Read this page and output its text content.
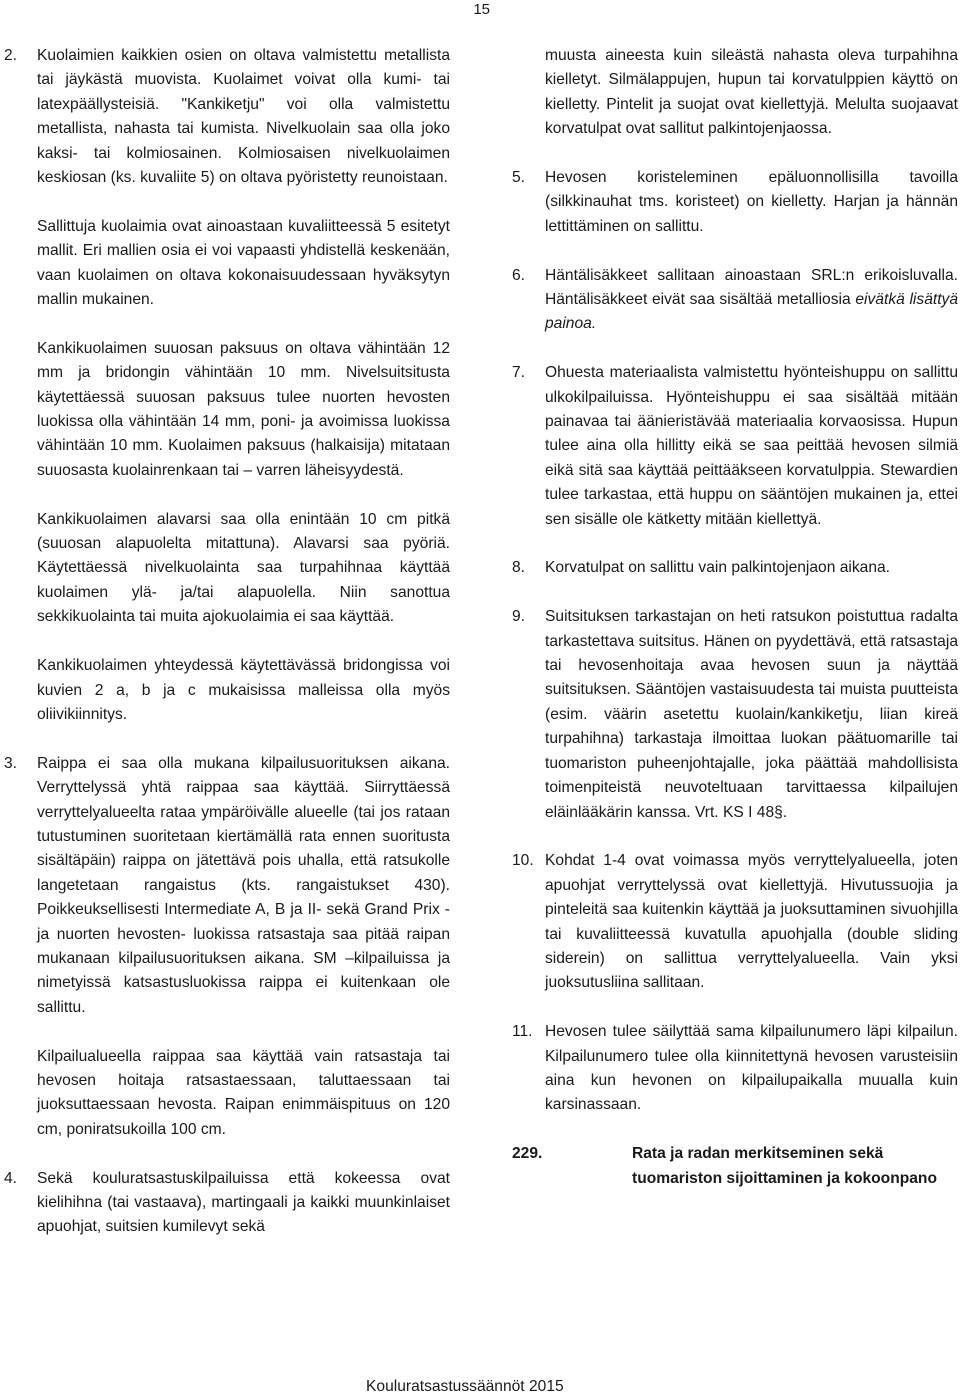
15
2.	Kuolaimien kaikkien osien on oltava valmistettu metallista tai jäykästä muovista. Kuolaimet voivat olla kumi- tai latexpäällysteisiä. "Kankiketju" voi olla valmistettu metallista, nahasta tai kumista. Nivelkuolain saa olla joko kaksi- tai kolmiosainen. Kolmiosaisen nivelkuolaimen keskiosan (ks. kuvaliite 5) on oltava pyöristetty reunoistaan.

Sallittuja kuolaimia ovat ainoastaan kuvaliitteessä 5 esitetyt mallit. Eri mallien osia ei voi vapaasti yhdistellä keskenään, vaan kuolaimen on oltava kokonaisuudessaan hyväksytyn mallin mukainen.

Kankikuolaimen suuosan paksuus on oltava vähintään 12 mm ja bridongin vähintään 10 mm. Nivelsuitsitusta käytettäessä suuosan paksuus tulee nuorten hevosten luokissa olla vähintään 14 mm, poni- ja avoimissa luokissa vähintään 10 mm. Kuolaimen paksuus (halkaisija) mitataan suuosasta kuolainrenkaan tai – varren läheisyydestä.

Kankikuolaimen alavarsi saa olla enintään 10 cm pitkä (suuosan alapuolelta mitattuna). Alavarsi saa pyöriä. Käytettäessä nivelkuolainta saa turpahihnaa käyttää kuolaimen ylä- ja/tai alapuolella. Niin sanottua sekkikuolainta tai muita ajokuolaimia ei saa käyttää.

Kankikuolaimen yhteydessä käytettävässä bridongissa voi kuvien 2 a, b ja c mukaisissa malleissa olla myös oliivikiinnitys.

3.	Raippa ei saa olla mukana kilpailusuorituksen aikana. Verryttelyssä yhtä raippaa saa käyttää. Siirryttäessä verryttelyalueelta rataa ympäröivälle alueelle (tai jos rataan tutustuminen suoritetaan kiertämällä rata ennen suoritusta sisältäpäin) raippa on jätettävä pois uhalla, että ratsukolle langetetaan rangaistus (kts. rangaistukset 430). Poikkeuksellisesti Intermediate A, B ja II- sekä Grand Prix - ja nuorten hevosten- luokissa ratsastaja saa pitää raipan mukanaan kilpailusuorituksen aikana. SM –kilpailuissa ja nimetyissä katsastusluokissa raippa ei kuitenkaan ole sallittu.

Kilpailualueella raippaa saa käyttää vain ratsastaja tai hevosen hoitaja ratsastaessaan, taluttaessaan tai juoksuttaessaan hevosta. Raipan enimmäispituus on 120 cm, poniratsukoilla 100 cm.

4.	Sekä kouluratsastuskilpailuissa että kokeessa ovat kielihihna (tai vastaava), martingaali ja kaikki muunkinlaiset apuohjat, suitsien kumilevyt sekä

muusta aineesta kuin sileästä nahasta oleva turpahihna kielletyt. Silmälappujen, hupun tai korvatulppien käyttö on kielletty. Pintelit ja suojat ovat kiellettyjä. Melulta suojaavat korvatulpat ovat sallitut palkintojenjaossa.
5.	Hevosen koristeleminen epäluonnollisilla tavoilla (silkkinauhat tms. koristeet) on kielletty. Harjan ja hännän lettittäminen on sallittu.
6.	Häntälisäkkeet sallitaan ainoastaan SRL:n erikoisluvalla. Häntälisäkkeet eivät saa sisältää metalliosia eivätkä lisättyä painoa.
7.	Ohuesta materiaalista valmistettu hyönteishuppu on sallittu ulkokilpailuissa. Hyönteishuppu ei saa sisältää mitään painavaa tai äänieristävää materiaalia korvaosissa. Hupun tulee aina olla hillitty eikä se saa peittää hevosen silmiä eikä sitä saa käyttää peittääkseen korvatulppia. Stewardien tulee tarkastaa, että huppu on sääntöjen mukainen ja, ettei sen sisälle ole kätketty mitään kiellettyä.
8.	Korvatulpat on sallittu vain palkintojenjaon aikana.
9.	Suitsituksen tarkastajan on heti ratsukon poistuttua radalta tarkastettava suitsitus. Hänen on pyydettävä, että ratsastaja tai hevosenhoitaja avaa hevosen suun ja näyttää suitsituksen. Sääntöjen vastaisuudesta tai muista puutteista (esim. väärin asetettu kuolain/kankiketju, liian kireä turpahihna) tarkastaja ilmoittaa luokan päätuomarille tai tuomariston puheenjohtajalle, joka päättää mahdollisista toimenpiteistä neuvoteltuaan tarvittaessa kilpailujen eläinlääkärin kanssa. Vrt. KS I 48§.
10. Kohdat 1-4 ovat voimassa myös verryttelyalueella, joten apuohjat verryttelyssä ovat kiellettyjä. Hivutussuojia ja pinteleitä saa kuitenkin käyttää ja juoksuttaminen sivuohjilla tai kuvaliitteessä kuvatulla apuohjalla (double sliding siderein) on sallittua verryttelyalueella. Vain yksi juoksutusliina sallitaan.
11. Hevosen tulee säilyttää sama kilpailunumero läpi kilpailun. Kilpailunumero tulee olla kiinnitettynä hevosen varusteisiin aina kun hevonen on kilpailupaikalla muualla kuin karsinassaan.
229.	Rata ja radan merkitseminen sekä tuomariston sijoittaminen ja kokoonpano
Kouluratsastussäännöt 2015
